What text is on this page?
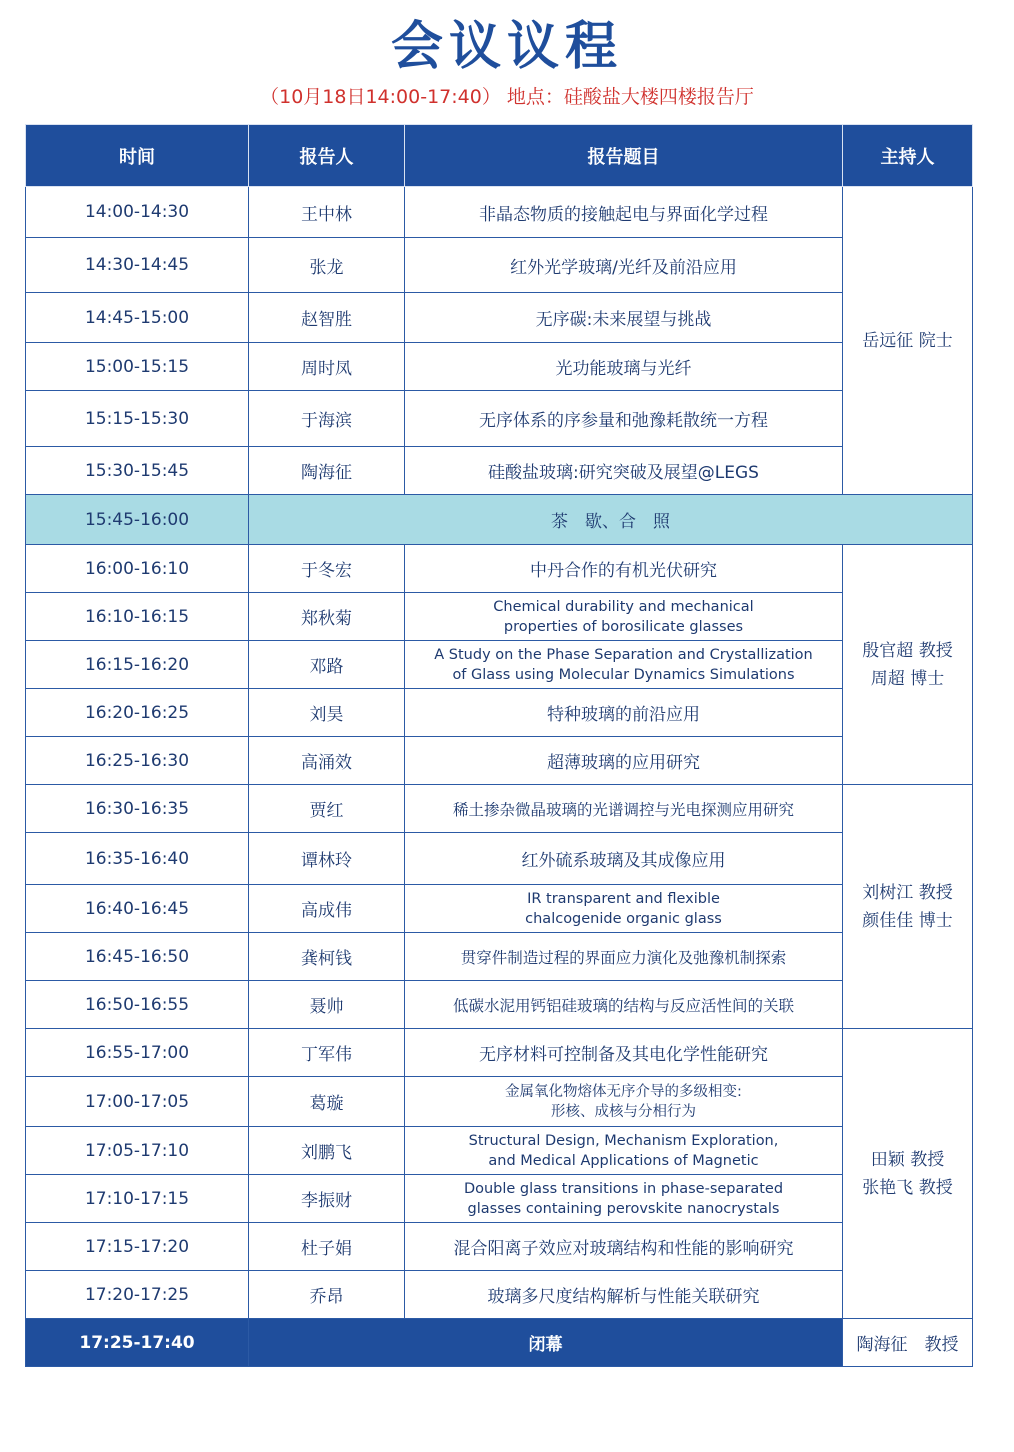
会议议程
（10月18日14:00-17:40） 地点：硅酸盐大楼四楼报告厅
时间	报告人	报告题目	主持人
14:00-14:30	王中林	非晶态物质的接触起电与界面化学过程	岳远征 院士

14:30-14:45	张龙	红外光学玻璃/光纤及前沿应用	
14:45-15:00	赵智胜	无序碳:未来展望与挑战	
15:00-15:15	周时凤	光功能玻璃与光纤	
15:15-15:30	于海滨	无序体系的序参量和弛豫耗散统一方程	
15:30-15:45	陶海征	硅酸盐玻璃:研究突破及展望@LEGS	
15:45-16:00	茶　歇、合　照		
16:00-16:10	于冬宏	中丹合作的有机光伏研究	殷官超 教授
周超 博士

16:10-16:15	郑秋菊	Chemical durability and mechanical
properties of borosilicate glasses	

16:15-16:20	邓路	A Study on the Phase Separation and Crystallization
of Glass using Molecular Dynamics Simulations	

16:20-16:25	刘昊	特种玻璃的前沿应用	
16:25-16:30	高涌效	超薄玻璃的应用研究	
16:30-16:35	贾红	稀土掺杂微晶玻璃的光谱调控与光电探测应用研究	刘树江 教授
颜佳佳 博士

16:35-16:40	谭林玲	红外硫系玻璃及其成像应用	
16:40-16:45	高成伟	IR transparent and flexible
chalcogenide organic glass	

16:45-16:50	龚柯钱	贯穿件制造过程的界面应力演化及弛豫机制探索	
16:50-16:55	聂帅	低碳水泥用钙铝硅玻璃的结构与反应活性间的关联	
16:55-17:00	丁军伟	无序材料可控制备及其电化学性能研究	田颖 教授
张艳飞 教授

17:00-17:05	葛璇	金属氧化物熔体无序介导的多级相变:
形核、成核与分相行为	

17:05-17:10	刘鹏飞	Structural Design, Mechanism Exploration,
and Medical Applications of Magnetic	

17:10-17:15	李振财	Double glass transitions in phase-separated
glasses containing perovskite nanocrystals	

17:15-17:20	杜子娟	混合阳离子效应对玻璃结构和性能的影响研究	
17:20-17:25	乔昂	玻璃多尺度结构解析与性能关联研究	
17:25-17:40	闭幕		陶海征　教授
